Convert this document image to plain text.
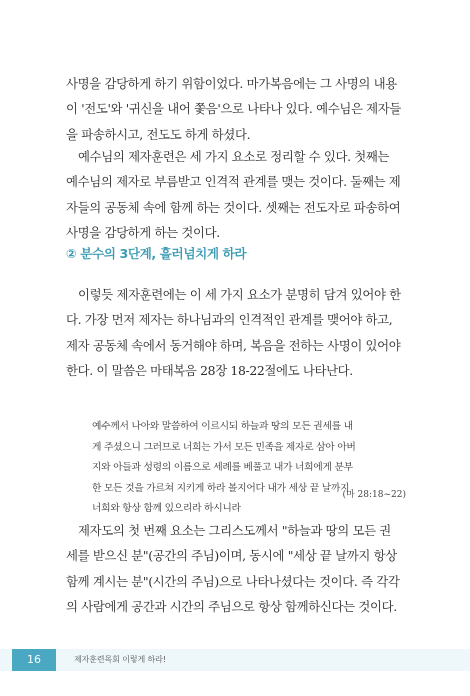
사명을 감당하게 하기 위함이었다. 마가복음에는 그 사명의 내용
이 '전도'와 '귀신을 내어 쫓음'으로 나타나 있다. 예수님은 제자들
을 파송하시고, 전도도 하게 하셨다.
예수님의 제자훈련은 세 가지 요소로 정리할 수 있다. 첫째는
예수님의 제자로 부름받고 인격적 관계를 맺는 것이다. 둘째는 제
자들의 공동체 속에 함께 하는 것이다. 셋째는 전도자로 파송하여
사명을 감당하게 하는 것이다.
② 분수의 3단계, 흘러넘치게 하라
이렇듯 제자훈련에는 이 세 가지 요소가 분명히 담겨 있어야 한
다. 가장 먼저 제자는 하나님과의 인격적인 관계를 맺어야 하고,
제자 공동체 속에서 동거해야 하며, 복음을 전하는 사명이 있어야
한다. 이 말씀은 마태복음 28장 18-22절에도 나타난다.
예수께서 나아와 말씀하여 이르시되 하늘과 땅의 모든 권세를 내
게 주셨으니 그러므로 너희는 가서 모든 민족을 제자로 삼아 아버
지와 아들과 성령의 이름으로 세례를 베풀고 내가 너희에게 분부
한 모든 것을 가르쳐 지키게 하라 볼지어다 내가 세상 끝 날까지
너희와 항상 함께 있으리라 하시니라
(마 28:18~22)
제자도의 첫 번째 요소는 그리스도께서 "하늘과 땅의 모든 권
세를 받으신 분"(공간의 주님)이며, 동시에 "세상 끝 날까지 항상
함께 계시는 분"(시간의 주님)으로 나타나셨다는 것이다. 즉 각각
의 사람에게 공간과 시간의 주님으로 항상 함께하신다는 것이다.
16	제자훈련목회 이렇게 하라!
